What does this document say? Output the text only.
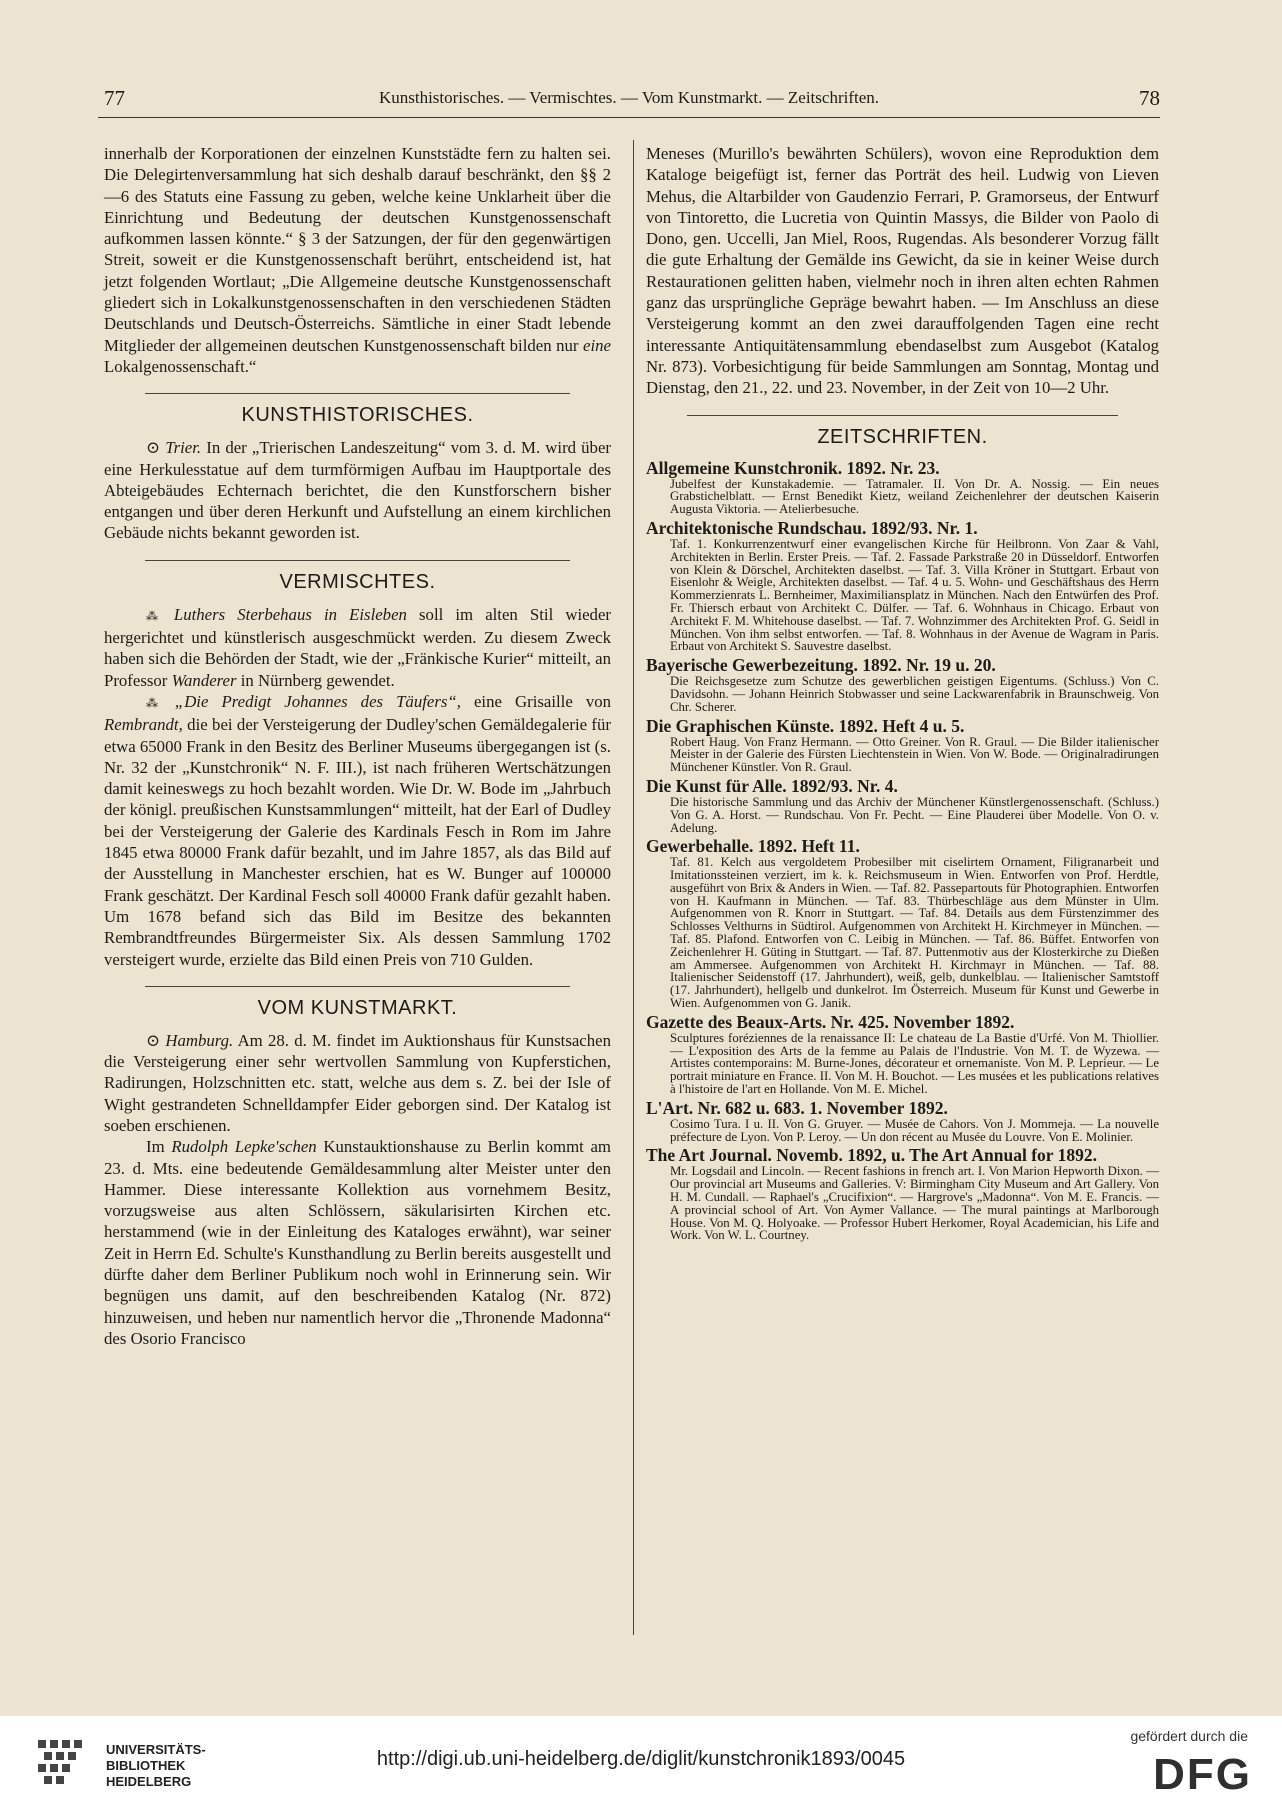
77	Kunsthistorisches. — Vermischtes. — Vom Kunstmarkt. — Zeitschriften.	78

innerhalb der Korporationen der einzelnen Kunststädte fern zu halten sei. Die Delegirtenversammlung hat sich deshalb darauf beschränkt, den §§ 2—6 des Statuts eine Fassung zu geben, welche keine Unklarheit über die Einrichtung und Bedeutung der deutschen Kunstgenossenschaft aufkommen lassen könnte.“ § 3 der Satzungen, der für den gegenwärtigen Streit, soweit er die Kunstgenossenschaft berührt, entscheidend ist, hat jetzt folgenden Wortlaut; „Die Allgemeine deutsche Kunstgenossenschaft gliedert sich in Lokalkunstgenossenschaften in den verschiedenen Städten Deutschlands und Deutsch-Österreichs. Sämtliche in einer Stadt lebende Mitglieder der allgemeinen deutschen Kunstgenossenschaft bilden nur eine Lokalgenossenschaft.“

KUNSTHISTORISCHES.

⊙ Trier. In der „Trierischen Landeszeitung“ vom 3. d. M. wird über eine Herkulesstatue auf dem turmförmigen Aufbau im Hauptportale des Abteigebäudes Echternach berichtet, die den Kunstforschern bisher entgangen und über deren Herkunft und Aufstellung an einem kirchlichen Gebäude nichts bekannt geworden ist.

VERMISCHTES.

⁂ Luthers Sterbehaus in Eisleben soll im alten Stil wieder hergerichtet und künstlerisch ausgeschmückt werden. Zu diesem Zweck haben sich die Behörden der Stadt, wie der „Fränkische Kurier“ mitteilt, an Professor Wanderer in Nürnberg gewendet.

⁂ „Die Predigt Johannes des Täufers“, eine Grisaille von Rembrandt, die bei der Versteigerung der Dudley'schen Gemäldegalerie für etwa 65000 Frank in den Besitz des Berliner Museums übergegangen ist (s. Nr. 32 der „Kunstchronik“ N. F. III.), ist nach früheren Wertschätzungen damit keineswegs zu hoch bezahlt worden. Wie Dr. W. Bode im „Jahrbuch der königl. preußischen Kunstsammlungen“ mitteilt, hat der Earl of Dudley bei der Versteigerung der Galerie des Kardinals Fesch in Rom im Jahre 1845 etwa 80000 Frank dafür bezahlt, und im Jahre 1857, als das Bild auf der Ausstellung in Manchester erschien, hat es W. Bunger auf 100000 Frank geschätzt. Der Kardinal Fesch soll 40000 Frank dafür gezahlt haben. Um 1678 befand sich das Bild im Besitze des bekannten Rembrandtfreundes Bürgermeister Six. Als dessen Sammlung 1702 versteigert wurde, erzielte das Bild einen Preis von 710 Gulden.

VOM KUNSTMARKT.

⊙ Hamburg. Am 28. d. M. findet im Auktionshaus für Kunstsachen die Versteigerung einer sehr wertvollen Sammlung von Kupferstichen, Radirungen, Holzschnitten etc. statt, welche aus dem s. Z. bei der Isle of Wight gestrandeten Schnelldampfer Eider geborgen sind. Der Katalog ist soeben erschienen.

Im Rudolph Lepke'schen Kunstauktionshause zu Berlin kommt am 23. d. Mts. eine bedeutende Gemäldesammlung alter Meister unter den Hammer. Diese interessante Kollektion aus vornehmem Besitz, vorzugsweise aus alten Schlössern, säkularisirten Kirchen etc. herstammend (wie in der Einleitung des Kataloges erwähnt), war seiner Zeit in Herrn Ed. Schulte's Kunsthandlung zu Berlin bereits ausgestellt und dürfte daher dem Berliner Publikum noch wohl in Erinnerung sein. Wir begnügen uns damit, auf den beschreibenden Katalog (Nr. 872) hinzuweisen, und heben nur namentlich hervor die „Thronende Madonna“ des Osorio Francisco

Meneses (Murillo's bewährten Schülers), wovon eine Reproduktion dem Kataloge beigefügt ist, ferner das Porträt des heil. Ludwig von Lieven Mehus, die Altarbilder von Gaudenzio Ferrari, P. Gramorseus, der Entwurf von Tintoretto, die Lucretia von Quintin Massys, die Bilder von Paolo di Dono, gen. Uccelli, Jan Miel, Roos, Rugendas. Als besonderer Vorzug fällt die gute Erhaltung der Gemälde ins Gewicht, da sie in keiner Weise durch Restaurationen gelitten haben, vielmehr noch in ihren alten echten Rahmen ganz das ursprüngliche Gepräge bewahrt haben. — Im Anschluss an diese Versteigerung kommt an den zwei darauffolgenden Tagen eine recht interessante Antiquitätensammlung ebendaselbst zum Ausgebot (Katalog Nr. 873). Vorbesichtigung für beide Sammlungen am Sonntag, Montag und Dienstag, den 21., 22. und 23. November, in der Zeit von 10—2 Uhr.

ZEITSCHRIFTEN.
Allgemeine Kunstchronik. 1892. Nr. 23.

Jubelfest der Kunstakademie. — Tatramaler. II. Von Dr. A. Nossig. — Ein neues Grabstichelblatt. — Ernst Benedikt Kietz, weiland Zeichenlehrer der deutschen Kaiserin Augusta Viktoria. — Atelierbesuche.

Architektonische Rundschau. 1892/93. Nr. 1.

Taf. 1. Konkurrenzentwurf einer evangelischen Kirche für Heilbronn. Von Zaar & Vahl, Architekten in Berlin. Erster Preis. — Taf. 2. Fassade Parkstraße 20 in Düsseldorf. Entworfen von Klein & Dörschel, Architekten daselbst. — Taf. 3. Villa Kröner in Stuttgart. Erbaut von Eisenlohr & Weigle, Architekten daselbst. — Taf. 4 u. 5. Wohn- und Geschäftshaus des Herrn Kommerzienrats L. Bernheimer, Maximiliansplatz in München. Nach den Entwürfen des Prof. Fr. Thiersch erbaut von Architekt C. Dülfer. — Taf. 6. Wohnhaus in Chicago. Erbaut von Architekt F. M. Whitehouse daselbst. — Taf. 7. Wohnzimmer des Architekten Prof. G. Seidl in München. Von ihm selbst entworfen. — Taf. 8. Wohnhaus in der Avenue de Wagram in Paris. Erbaut von Architekt S. Sauvestre daselbst.

Bayerische Gewerbezeitung. 1892. Nr. 19 u. 20.

Die Reichsgesetze zum Schutze des gewerblichen geistigen Eigentums. (Schluss.) Von C. Davidsohn. — Johann Heinrich Stobwasser und seine Lackwarenfabrik in Braunschweig. Von Chr. Scherer.

Die Graphischen Künste. 1892. Heft 4 u. 5.

Robert Haug. Von Franz Hermann. — Otto Greiner. Von R. Graul. — Die Bilder italienischer Meister in der Galerie des Fürsten Liechtenstein in Wien. Von W. Bode. — Originalradirungen Münchener Künstler. Von R. Graul.

Die Kunst für Alle. 1892/93. Nr. 4.

Die historische Sammlung und das Archiv der Münchener Künstlergenossenschaft. (Schluss.) Von G. A. Horst. — Rundschau. Von Fr. Pecht. — Eine Plauderei über Modelle. Von O. v. Adelung.

Gewerbehalle. 1892. Heft 11.

Taf. 81. Kelch aus vergoldetem Probesilber mit ciselirtem Ornament, Filigranarbeit und Imitationssteinen verziert, im k. k. Reichsmuseum in Wien. Entworfen von Prof. Herdtle, ausgeführt von Brix & Anders in Wien. — Taf. 82. Passepartouts für Photographien. Entworfen von H. Kaufmann in München. — Taf. 83. Thürbeschläge aus dem Münster in Ulm. Aufgenommen von R. Knorr in Stuttgart. — Taf. 84. Details aus dem Fürstenzimmer des Schlosses Velthurns in Südtirol. Aufgenommen von Architekt H. Kirchmeyer in München. — Taf. 85. Plafond. Entworfen von C. Leibig in München. — Taf. 86. Büffet. Entworfen von Zeichenlehrer H. Güting in Stuttgart. — Taf. 87. Puttenmotiv aus der Klosterkirche zu Dießen am Ammersee. Aufgenommen von Architekt H. Kirchmayr in München. — Taf. 88. Italienischer Seidenstoff (17. Jahrhundert), weiß, gelb, dunkelblau. — Italienischer Samtstoff (17. Jahrhundert), hellgelb und dunkelrot. Im Österreich. Museum für Kunst und Gewerbe in Wien. Aufgenommen von G. Janik.

Gazette des Beaux-Arts. Nr. 425. November 1892.

Sculptures foréziennes de la renaissance II: Le chateau de La Bastie d'Urfé. Von M. Thiollier. — L'exposition des Arts de la femme au Palais de l'Industrie. Von M. T. de Wyzewa. — Artistes contemporains: M. Burne-Jones, décorateur et ornemaniste. Von M. P. Leprieur. — Le portrait miniature en France. II. Von M. H. Bouchot. — Les musées et les publications relatives à l'histoire de l'art en Hollande. Von M. E. Michel.

L'Art. Nr. 682 u. 683. 1. November 1892.

Cosimo Tura. I u. II. Von G. Gruyer. — Musée de Cahors. Von J. Mommeja. — La nouvelle préfecture de Lyon. Von P. Leroy. — Un don récent au Musée du Louvre. Von E. Molinier.

The Art Journal. Novemb. 1892, u. The Art Annual for 1892.

Mr. Logsdail and Lincoln. — Recent fashions in french art. I. Von Marion Hepworth Dixon. — Our provincial art Museums and Galleries. V: Birmingham City Museum and Art Gallery. Von H. M. Cundall. — Raphael's „Crucifixion“. — Hargrove's „Madonna“. Von M. E. Francis. — A provincial school of Art. Von Aymer Vallance. — The mural paintings at Marlborough House. Von M. Q. Holyoake. — Professor Hubert Herkomer, Royal Academician, his Life and Work. Von W. L. Courtney.

UNIVERSITÄTS-
BIBLIOTHEK
HEIDELBERG
http://digi.ub.uni-heidelberg.de/diglit/kunstchronik1893/0045
gefördert durch die
DFG
